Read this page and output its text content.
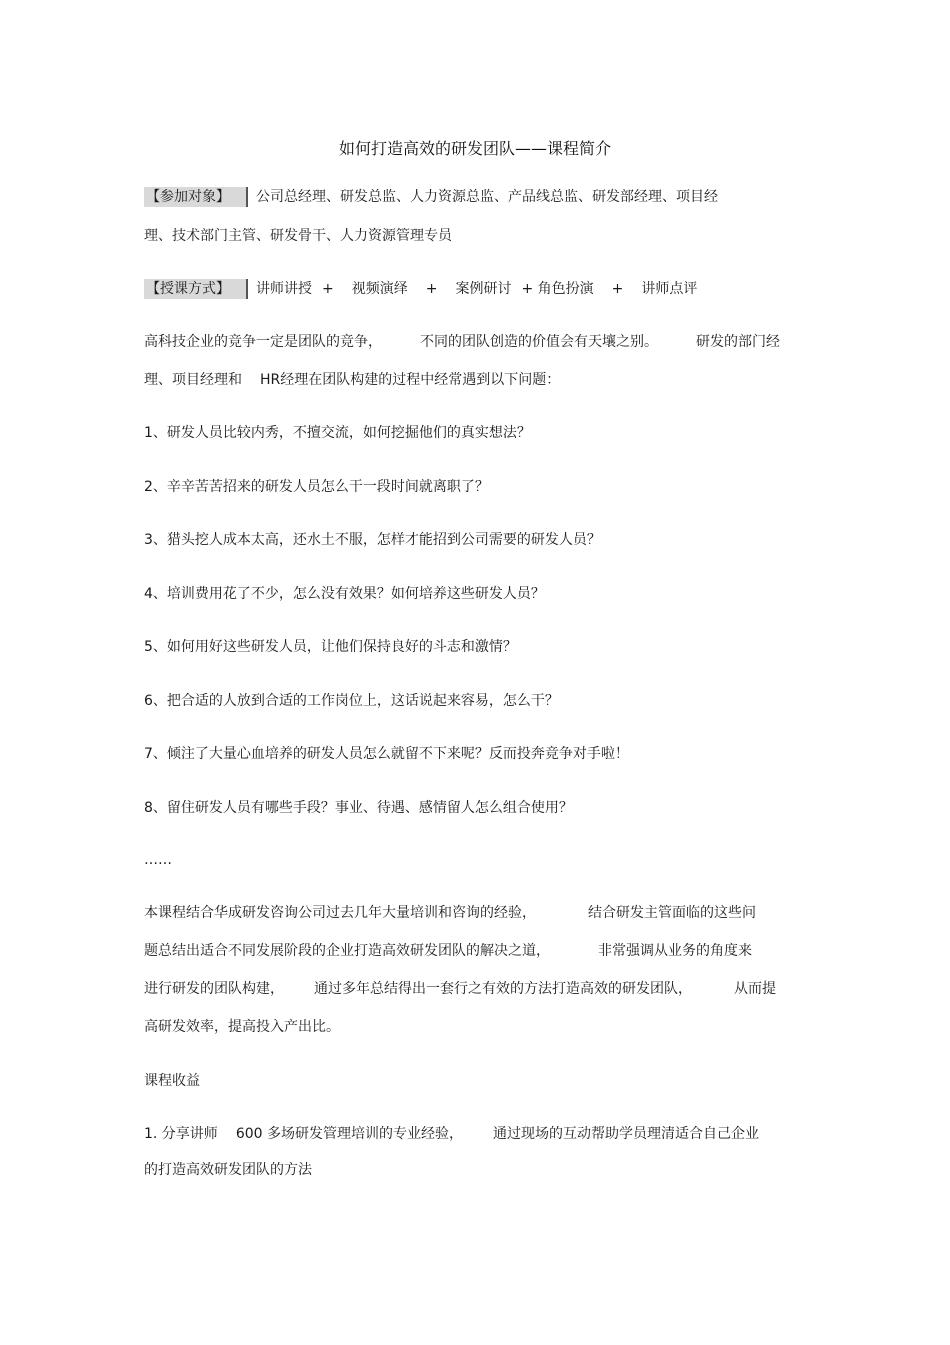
如何打造高效的研发团队——课程简介
【参加对象】 公司总经理、研发总监、人力资源总监、产品线总监、研发部经理、项目经
理、技术部门主管、研发骨干、人力资源管理专员
【授课方式】 讲师讲授 + 视频演绎 + 案例研讨 + 角色扮演 + 讲师点评
高科技企业的竞争一定是团队的竞争，	不同的团队创造的价值会有天壤之别。	研发的部门经
理、项目经理和 HR经理在团队构建的过程中经常遇到以下问题：
1、研发人员比较内秀，不擅交流，如何挖掘他们的真实想法？
2、辛辛苦苦招来的研发人员怎么干一段时间就离职了？
3、猎头挖人成本太高，还水土不服，怎样才能招到公司需要的研发人员？
4、培训费用花了不少，怎么没有效果？如何培养这些研发人员？
5、如何用好这些研发人员，让他们保持良好的斗志和激情？
6、把合适的人放到合适的工作岗位上，这话说起来容易，怎么干？
7、倾注了大量心血培养的研发人员怎么就留不下来呢？反而投奔竞争对手啦！
8、留住研发人员有哪些手段？事业、待遇、感情留人怎么组合使用？
……
本课程结合华成研发咨询公司过去几年大量培训和咨询的经验，	结合研发主管面临的这些问
题总结出适合不同发展阶段的企业打造高效研发团队的解决之道，	非常强调从业务的角度来
进行研发的团队构建， 通过多年总结得出一套行之有效的方法打造高效的研发团队，	从而提
高研发效率，提高投入产出比。
课程收益
1. 分享讲师 600 多场研发管理培训的专业经验， 通过现场的互动帮助学员理清适合自己企业
的打造高效研发团队的方法
